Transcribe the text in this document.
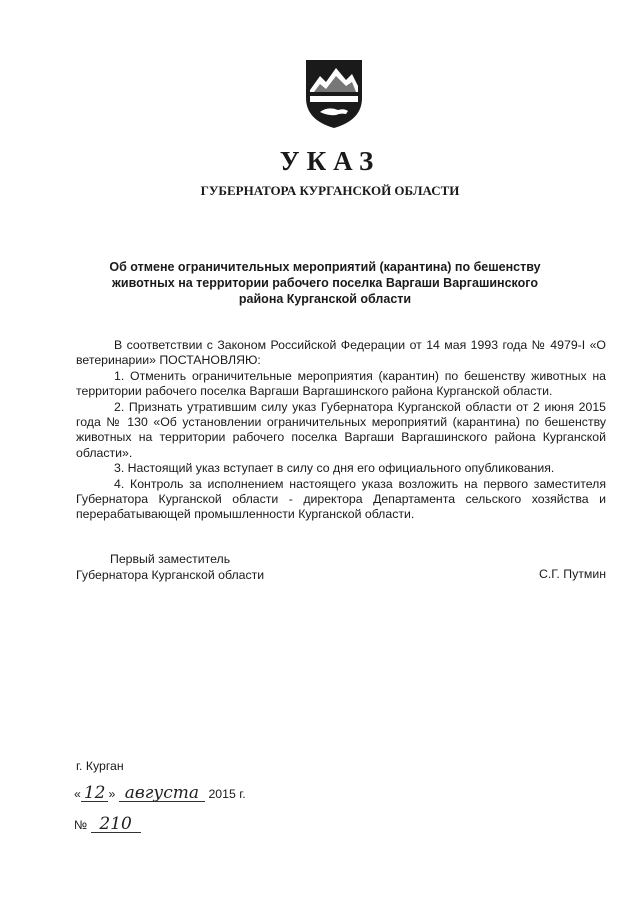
УКАЗ
ГУБЕРНАТОРА КУРГАНСКОЙ ОБЛАСТИ
Об отмене ограничительных мероприятий (карантина) по бешенству животных на территории рабочего поселка Варгаши Варгашинского района Курганской области

В соответствии с Законом Российской Федерации от 14 мая 1993 года № 4979-I «О ветеринарии» ПОСТАНОВЛЯЮ:

1. Отменить ограничительные мероприятия (карантин) по бешенству животных на территории рабочего поселка Варгаши Варгашинского района Курганской области.

2. Признать утратившим силу указ Губернатора Курганской области от 2 июня 2015 года № 130 «Об установлении ограничительных мероприятий (карантина) по бешенству животных на территории рабочего поселка Варгаши Варгашинского района Курганской области».

3. Настоящий указ вступает в силу со дня его официального опубликования.

4. Контроль за исполнением настоящего указа возложить на первого заместителя Губернатора Курганской области - директора Департамента сельского хозяйства и перерабатывающей промышленности Курганской области.

Первый заместитель
Губернатора Курганской области	С.Г. Путмин
г. Курган
« 12 » августа 2015 г.
№ 210
